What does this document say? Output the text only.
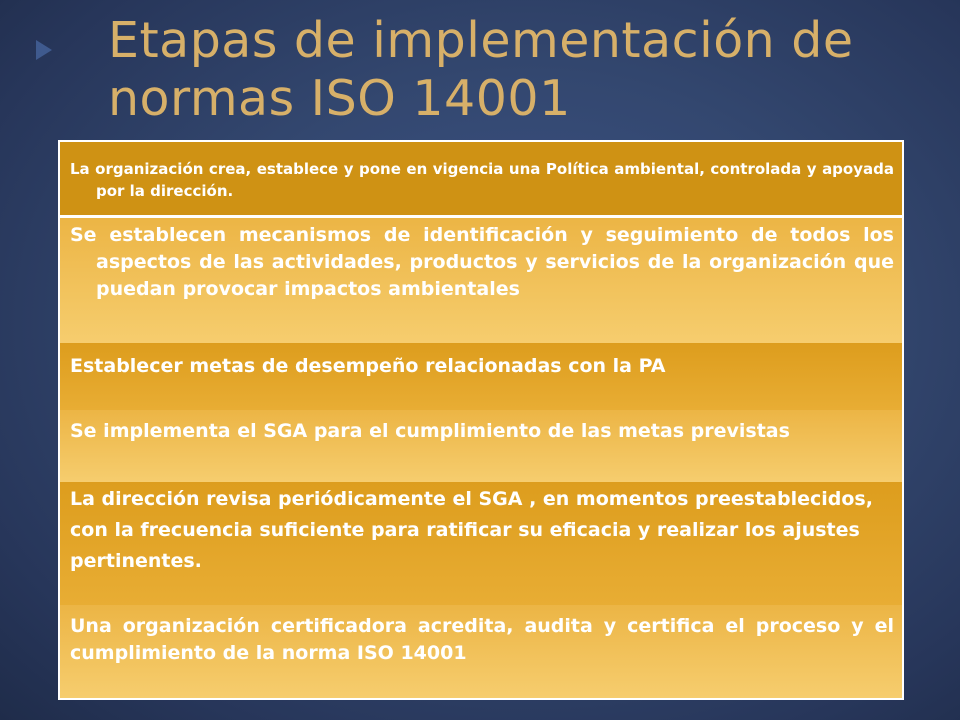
Etapas de implementación de normas ISO 14001
La organización crea, establece y pone en vigencia una Política ambiental, controlada y apoyada por la dirección.
Se establecen mecanismos de identificación y seguimiento de todos los aspectos de las actividades, productos y servicios de la organización que puedan provocar impactos ambientales
Establecer metas de desempeño relacionadas con la PA
Se implementa el SGA para el cumplimiento de las metas previstas
La dirección revisa periódicamente el SGA , en momentos preestablecidos, con la frecuencia suficiente para ratificar su eficacia y realizar los ajustes pertinentes.
Una organización certificadora acredita, audita y certifica el proceso y el cumplimiento de la norma ISO 14001
